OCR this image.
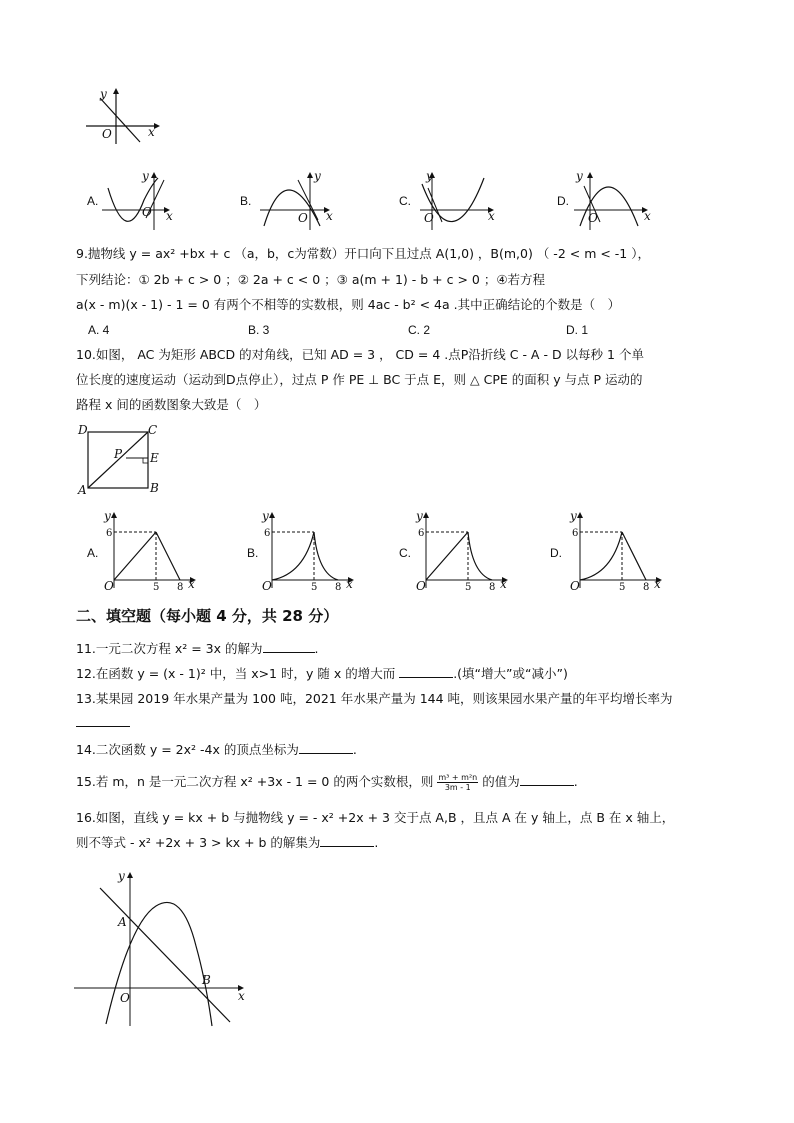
y
x
O
A.
y
x
O
B.
y
x
O
C.
y
x
O
D.
y
x
O
9.抛物线 y = ax² +bx + c （a，b，c为常数）开口向下且过点 A(1,0) ，B(m,0) （ -2 < m < -1 ），
下列结论：① 2b + c > 0 ；② 2a + c < 0 ；③ a(m + 1) - b + c > 0 ；④若方程
a(x - m)(x - 1) - 1 = 0 有两个不相等的实数根，则 4ac - b² < 4a .其中正确结论的个数是（　）
A. 4	B. 3	C. 2	D. 1
10.如图， AC 为矩形 ABCD 的对角线，已知 AD = 3 ， CD = 4 .点P沿折线 C - A - D 以每秒 1 个单
位长度的速度运动（运动到D点停止），过点 P 作 PE ⊥ BC 于点 E，则 △ CPE 的面积 y 与点 P 运动的
路程 x 间的函数图象大致是（　）
D	C
P E
A	B
A.
y
6
O	5 8 x
B.
y
6
O	5 8 x
C.
y
6
O	5 8 x
D.
y
6
O	5 8 x
二、填空题（每小题 4 分，共 28 分）
11.一元二次方程 x² = 3x 的解为	.
12.在函数 y = (x - 1)² 中，当 x>1 时，y 随 x 的增大而	.(填“增大”或“减小”)
13.某果园 2019 年水果产量为 100 吨，2021 年水果产量为 144 吨，则该果园水果产量的年平均增长率为
14.二次函数 y = 2x² -4x 的顶点坐标为	.
15.若 m，n 是一元二次方程 x² +3x - 1 = 0 的两个实数根，则 $\frac{\text{m³ + m²n}}{3m - 1}$ 的值为	.
16.如图，直线 y = kx + b 与抛物线 y = - x² +2x + 3 交于点 A,B ，且点 A 在 y 轴上，点 B 在 x 轴上，
则不等式 - x² +2x + 3 > kx + b 的解集为	.
y
x
O
A
B
